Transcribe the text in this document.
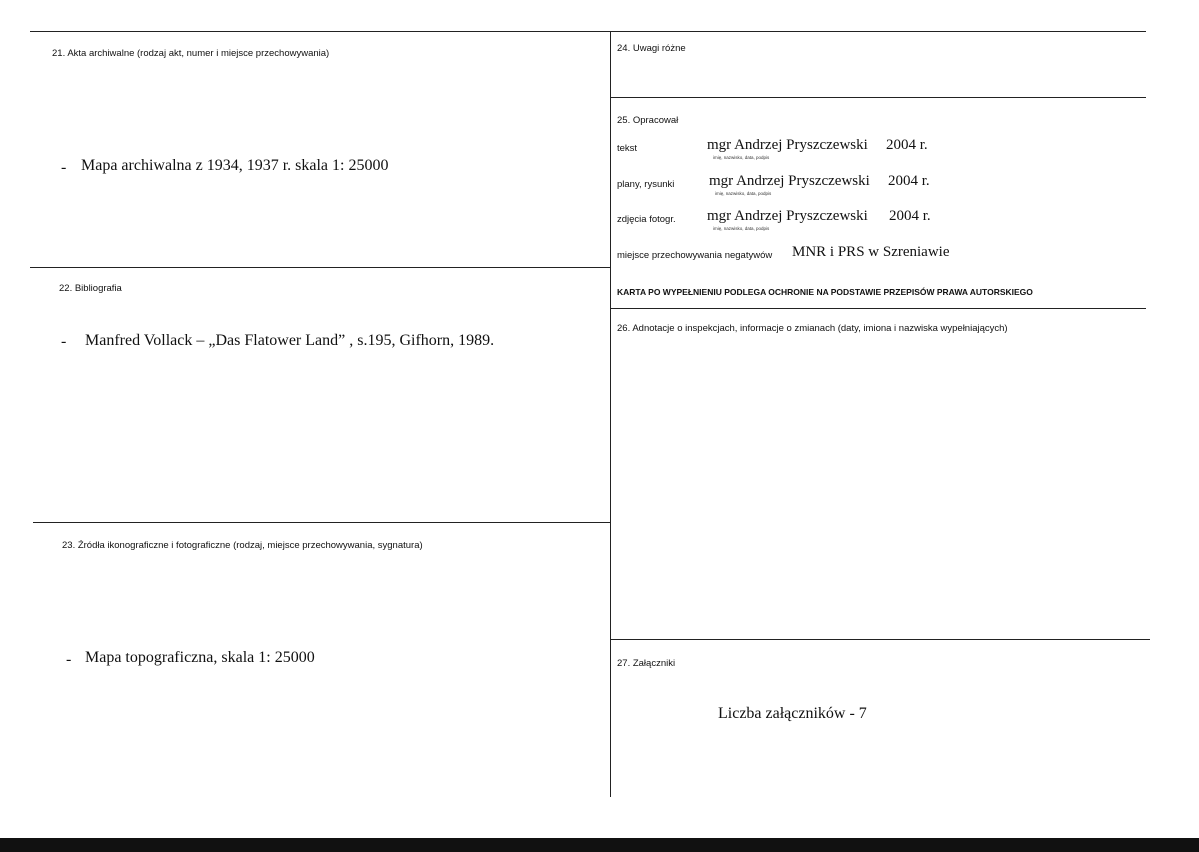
21. Akta archiwalne (rodzaj akt, numer i miejsce przechowywania)
- Mapa archiwalna z 1934, 1937 r. skala 1: 25000
22. Bibliografia
- Manfred Vollack – „Das Flatower Land” , s.195, Gifhorn, 1989.
23. Źródła ikonograficzne i fotograficzne (rodzaj, miejsce przechowywania, sygnatura)
- Mapa topograficzna, skala 1: 25000
24. Uwagi różne
25. Opracował
tekst	mgr Andrzej Pryszczewski 2004 r.
imię, nazwisko, data, podpis
plany, rysunki mgr Andrzej Pryszczewski 2004 r.
imię, nazwisko, data, podpis
zdjęcia fotogr. mgr Andrzej Pryszczewski 2004 r.
imię, nazwisko, data, podpis
miejsce przechowywania negatywów MNR i PRS w Szreniawie
KARTA PO WYPEŁNIENIU PODLEGA OCHRONIE NA PODSTAWIE PRZEPISÓW PRAWA AUTORSKIEGO
26. Adnotacje o inspekcjach, informacje o zmianach (daty, imiona i nazwiska wypełniających)
27. Załączniki
Liczba załączników - 7
